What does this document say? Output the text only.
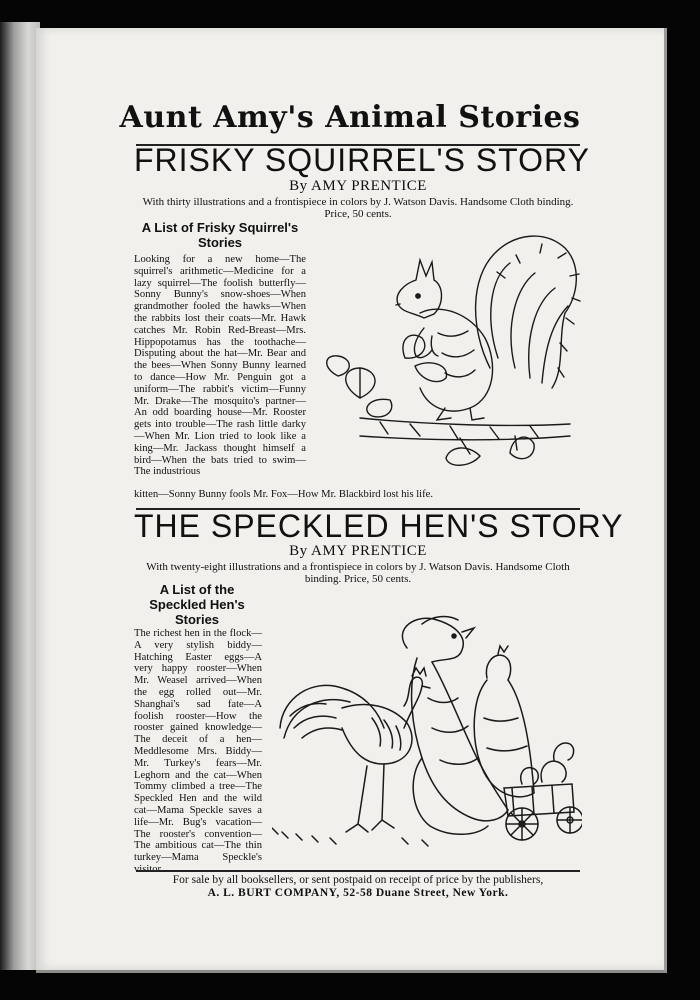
Aunt Amy's Animal Stories
FRISKY SQUIRREL'S STORY
By AMY PRENTICE
With thirty illustrations and a frontispiece in colors by J. Watson Davis. Handsome Cloth binding. Price, 50 cents.
A List of Frisky Squirrel's Stories
Looking for a new home—The squirrel's arithmetic—Medicine for a lazy squirrel—The foolish butterfly—Sonny Bunny's snow-shoes—When grandmother fooled the hawks—When the rabbits lost their coats—Mr. Hawk catches Mr. Robin Red-Breast—Mrs. Hippopotamus has the toothache—Disputing about the hat—Mr. Bear and the bees—When Sonny Bunny learned to dance—How Mr. Penguin got a uniform—The rabbit's victim—Funny Mr. Drake—The mosquito's partner—An odd boarding house—Mr. Rooster gets into trouble—The rash little darky—When Mr. Lion tried to look like a king—Mr. Jackass thought himself a bird—When the bats tried to swim—The industrious
kitten—Sonny Bunny fools Mr. Fox—How Mr. Blackbird lost his life.
THE SPECKLED HEN'S STORY
By AMY PRENTICE
With twenty-eight illustrations and a frontispiece in colors by J. Watson Davis. Handsome Cloth binding. Price, 50 cents.
A List of the Speckled Hen's Stories
The richest hen in the flock—A very stylish biddy—Hatching Easter eggs—A very happy rooster—When Mr. Weasel arrived—When the egg rolled out—Mr. Shanghai's sad fate—A foolish rooster—How the rooster gained knowledge—The deceit of a hen—Meddlesome Mrs. Biddy—Mr. Turkey's fears—Mr. Leghorn and the cat—When Tommy climbed a tree—The Speckled Hen and the wild cat—Mama Speckle saves a life—Mr. Bug's vacation—The rooster's convention—The ambitious cat—The thin turkey—Mama Speckle's visitor.
For sale by all booksellers, or sent postpaid on receipt of price by the publishers,
A. L. BURT COMPANY, 52-58 Duane Street, New York.
